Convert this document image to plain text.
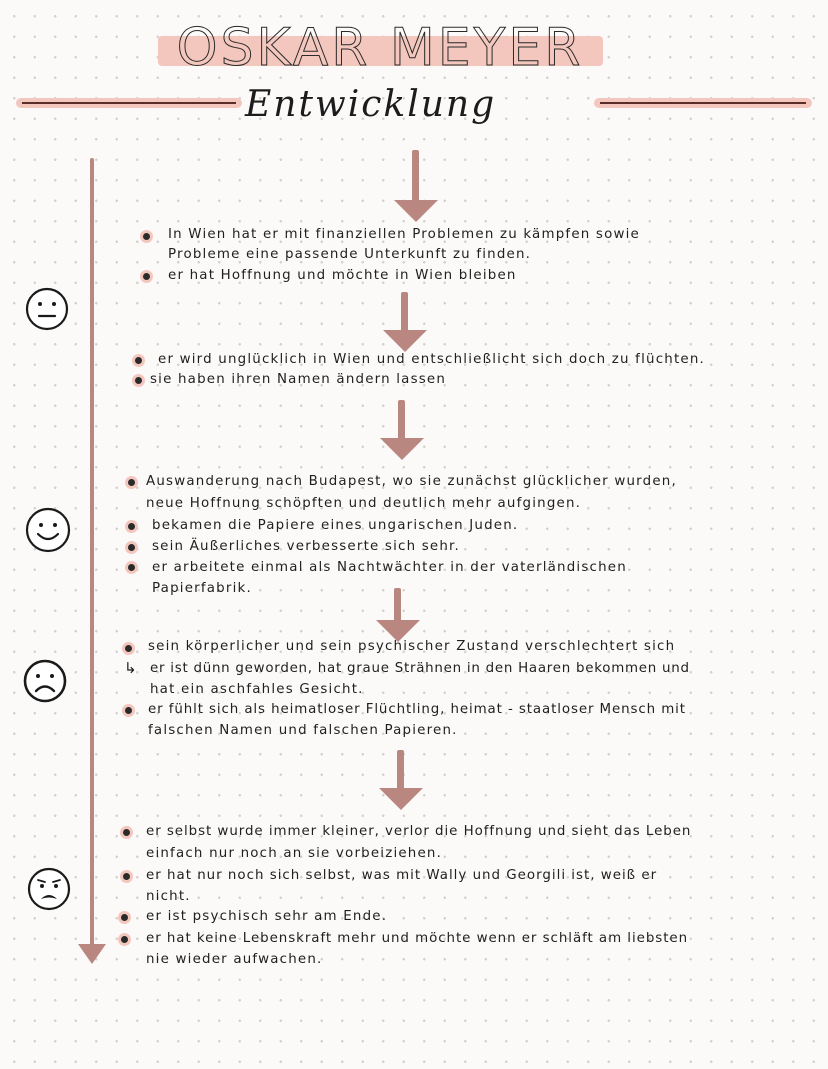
OSKAR MEYER
Entwicklung
In Wien hat er mit finanziellen Problemen zu kämpfen sowie
Probleme eine passende Unterkunft zu finden.
er hat Hoffnung und möchte in Wien bleiben
er wird unglücklich in Wien und entschließlicht sich doch zu flüchten.
sie haben ihren Namen ändern lassen
Auswanderung nach Budapest, wo sie zunächst glücklicher wurden,
neue Hoffnung schöpften und deutlich mehr aufgingen.
bekamen die Papiere eines ungarischen Juden.
sein Äußerliches verbesserte sich sehr.
er arbeitete einmal als Nachtwächter in der vaterländischen
Papierfabrik.
sein körperlicher und sein psychischer Zustand verschlechtert sich
↳ er ist dünn geworden, hat graue Strähnen in den Haaren bekommen und
hat ein aschfahles Gesicht.
er fühlt sich als heimatloser Flüchtling, heimat - staatloser Mensch mit
falschen Namen und falschen Papieren.
er selbst wurde immer kleiner, verlor die Hoffnung und sieht das Leben
einfach nur noch an sie vorbeiziehen.
er hat nur noch sich selbst, was mit Wally und Georgili ist, weiß er
nicht.
er ist psychisch sehr am Ende.
er hat keine Lebenskraft mehr und möchte wenn er schläft am liebsten
nie wieder aufwachen.
